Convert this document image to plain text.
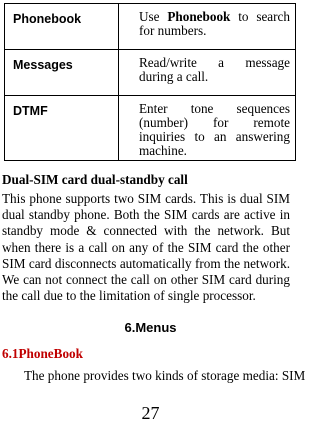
Phonebook	Use Phonebook to search for numbers.
Messages	Read/write a message during a call.
DTMF	Enter tone sequences (number) for remote inquiries to an answering machine.

Dual-SIM card dual-standby call

This phone supports two SIM cards. This is dual SIM dual standby phone. Both the SIM cards are active in standby mode & connected with the network. But when there is a call on any of the SIM card the other SIM card disconnects automatically from the network. We can not connect the call on other SIM card during the call due to the limitation of single processor.

6.Menus

6.1PhoneBook

The phone provides two kinds of storage media: SIM

27
